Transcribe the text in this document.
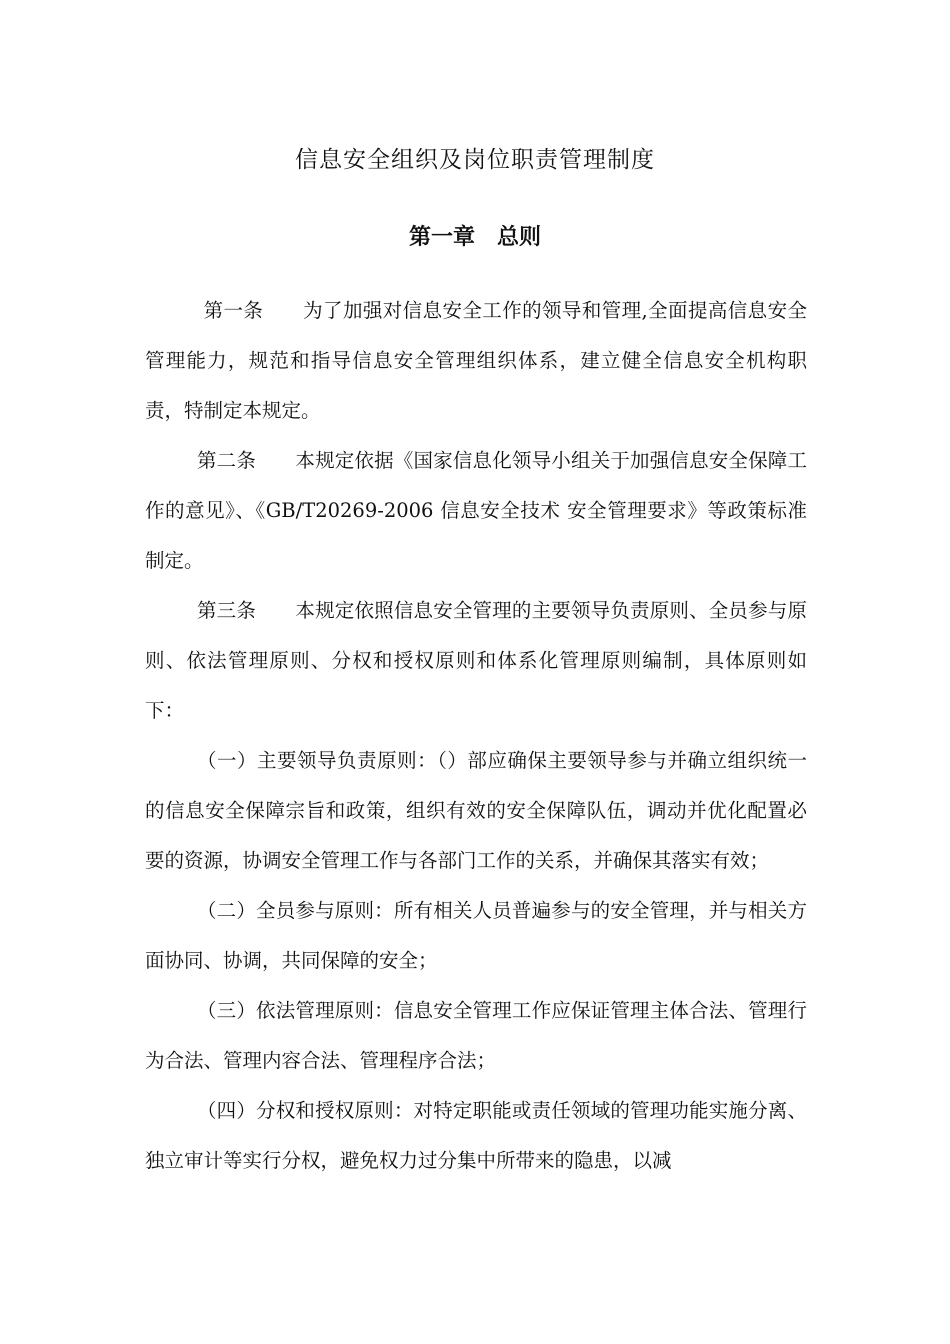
信息安全组织及岗位职责管理制度
第一章　总则

第一条　　为了加强对信息安全工作的领导和管理,全面提高信息安全管理能力，规范和指导信息安全管理组织体系，建立健全信息安全机构职责，特制定本规定。

第二条　　本规定依据《国家信息化领导小组关于加强信息安全保障工作的意见》、《GB/T20269-2006 信息安全技术 安全管理要求》等政策标准制定。

第三条　　本规定依照信息安全管理的主要领导负责原则、全员参与原则、依法管理原则、分权和授权原则和体系化管理原则编制，具体原则如下：

（一）主要领导负责原则：（）部应确保主要领导参与并确立组织统一的信息安全保障宗旨和政策，组织有效的安全保障队伍，调动并优化配置必要的资源，协调安全管理工作与各部门工作的关系，并确保其落实有效；

（二）全员参与原则：所有相关人员普遍参与的安全管理，并与相关方面协同、协调，共同保障的安全；

（三）依法管理原则：信息安全管理工作应保证管理主体合法、管理行为合法、管理内容合法、管理程序合法；

（四）分权和授权原则：对特定职能或责任领域的管理功能实施分离、独立审计等实行分权，避免权力过分集中所带来的隐患，以减
